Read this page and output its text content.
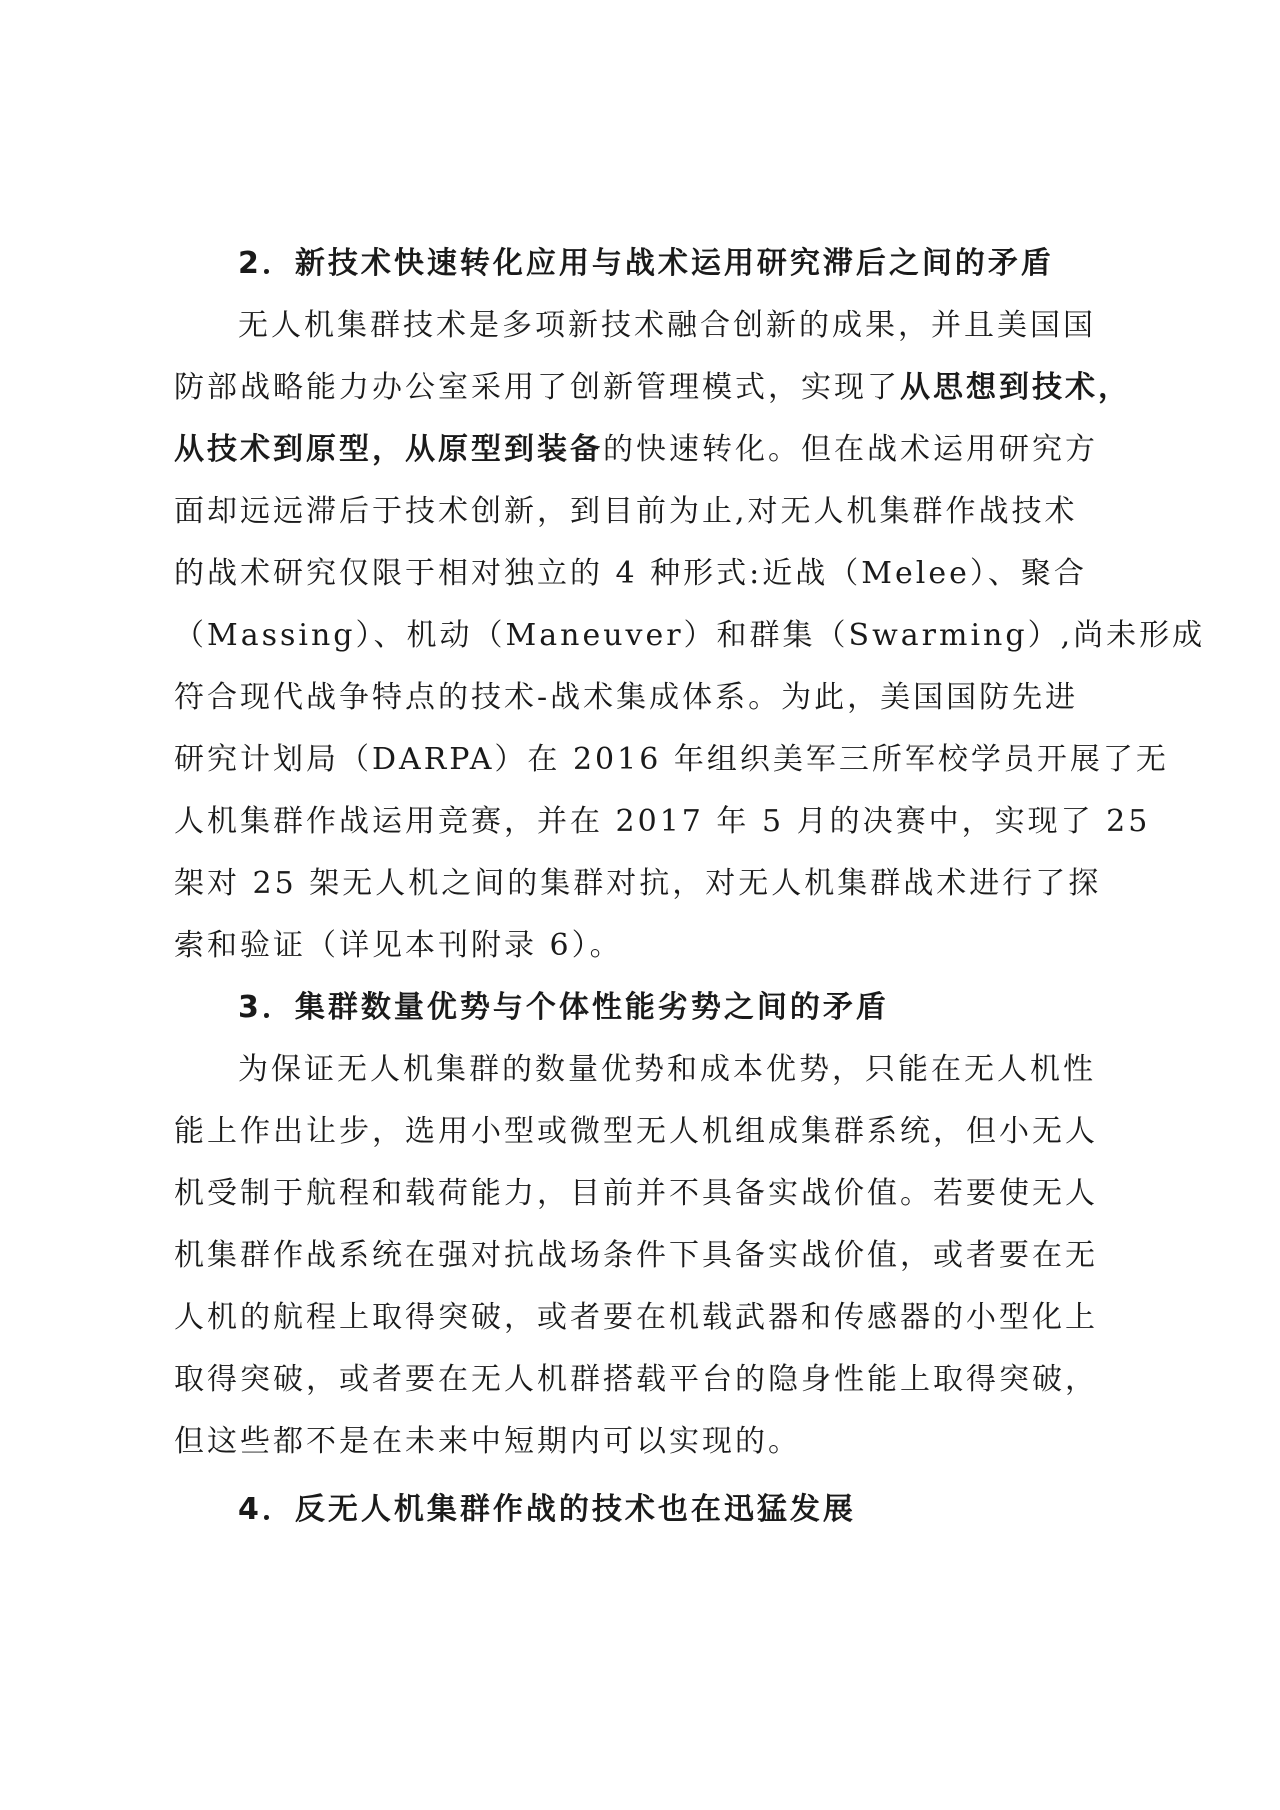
2．新技术快速转化应用与战术运用研究滞后之间的矛盾
无人机集群技术是多项新技术融合创新的成果，并且美国国
防部战略能力办公室采用了创新管理模式，实现了从思想到技术，
从技术到原型，从原型到装备的快速转化。但在战术运用研究方
面却远远滞后于技术创新，到目前为止,对无人机集群作战技术
的战术研究仅限于相对独立的 4 种形式:近战（Melee）、聚合
（Massing）、机动（Maneuver）和群集（Swarming）,尚未形成
符合现代战争特点的技术-战术集成体系。为此，美国国防先进
研究计划局（DARPA）在 2016 年组织美军三所军校学员开展了无
人机集群作战运用竞赛，并在 2017 年 5 月的决赛中，实现了 25
架对 25 架无人机之间的集群对抗，对无人机集群战术进行了探
索和验证（详见本刊附录 6）。
3．集群数量优势与个体性能劣势之间的矛盾
为保证无人机集群的数量优势和成本优势，只能在无人机性
能上作出让步，选用小型或微型无人机组成集群系统，但小无人
机受制于航程和载荷能力，目前并不具备实战价值。若要使无人
机集群作战系统在强对抗战场条件下具备实战价值，或者要在无
人机的航程上取得突破，或者要在机载武器和传感器的小型化上
取得突破，或者要在无人机群搭载平台的隐身性能上取得突破，
但这些都不是在未来中短期内可以实现的。
4．反无人机集群作战的技术也在迅猛发展
